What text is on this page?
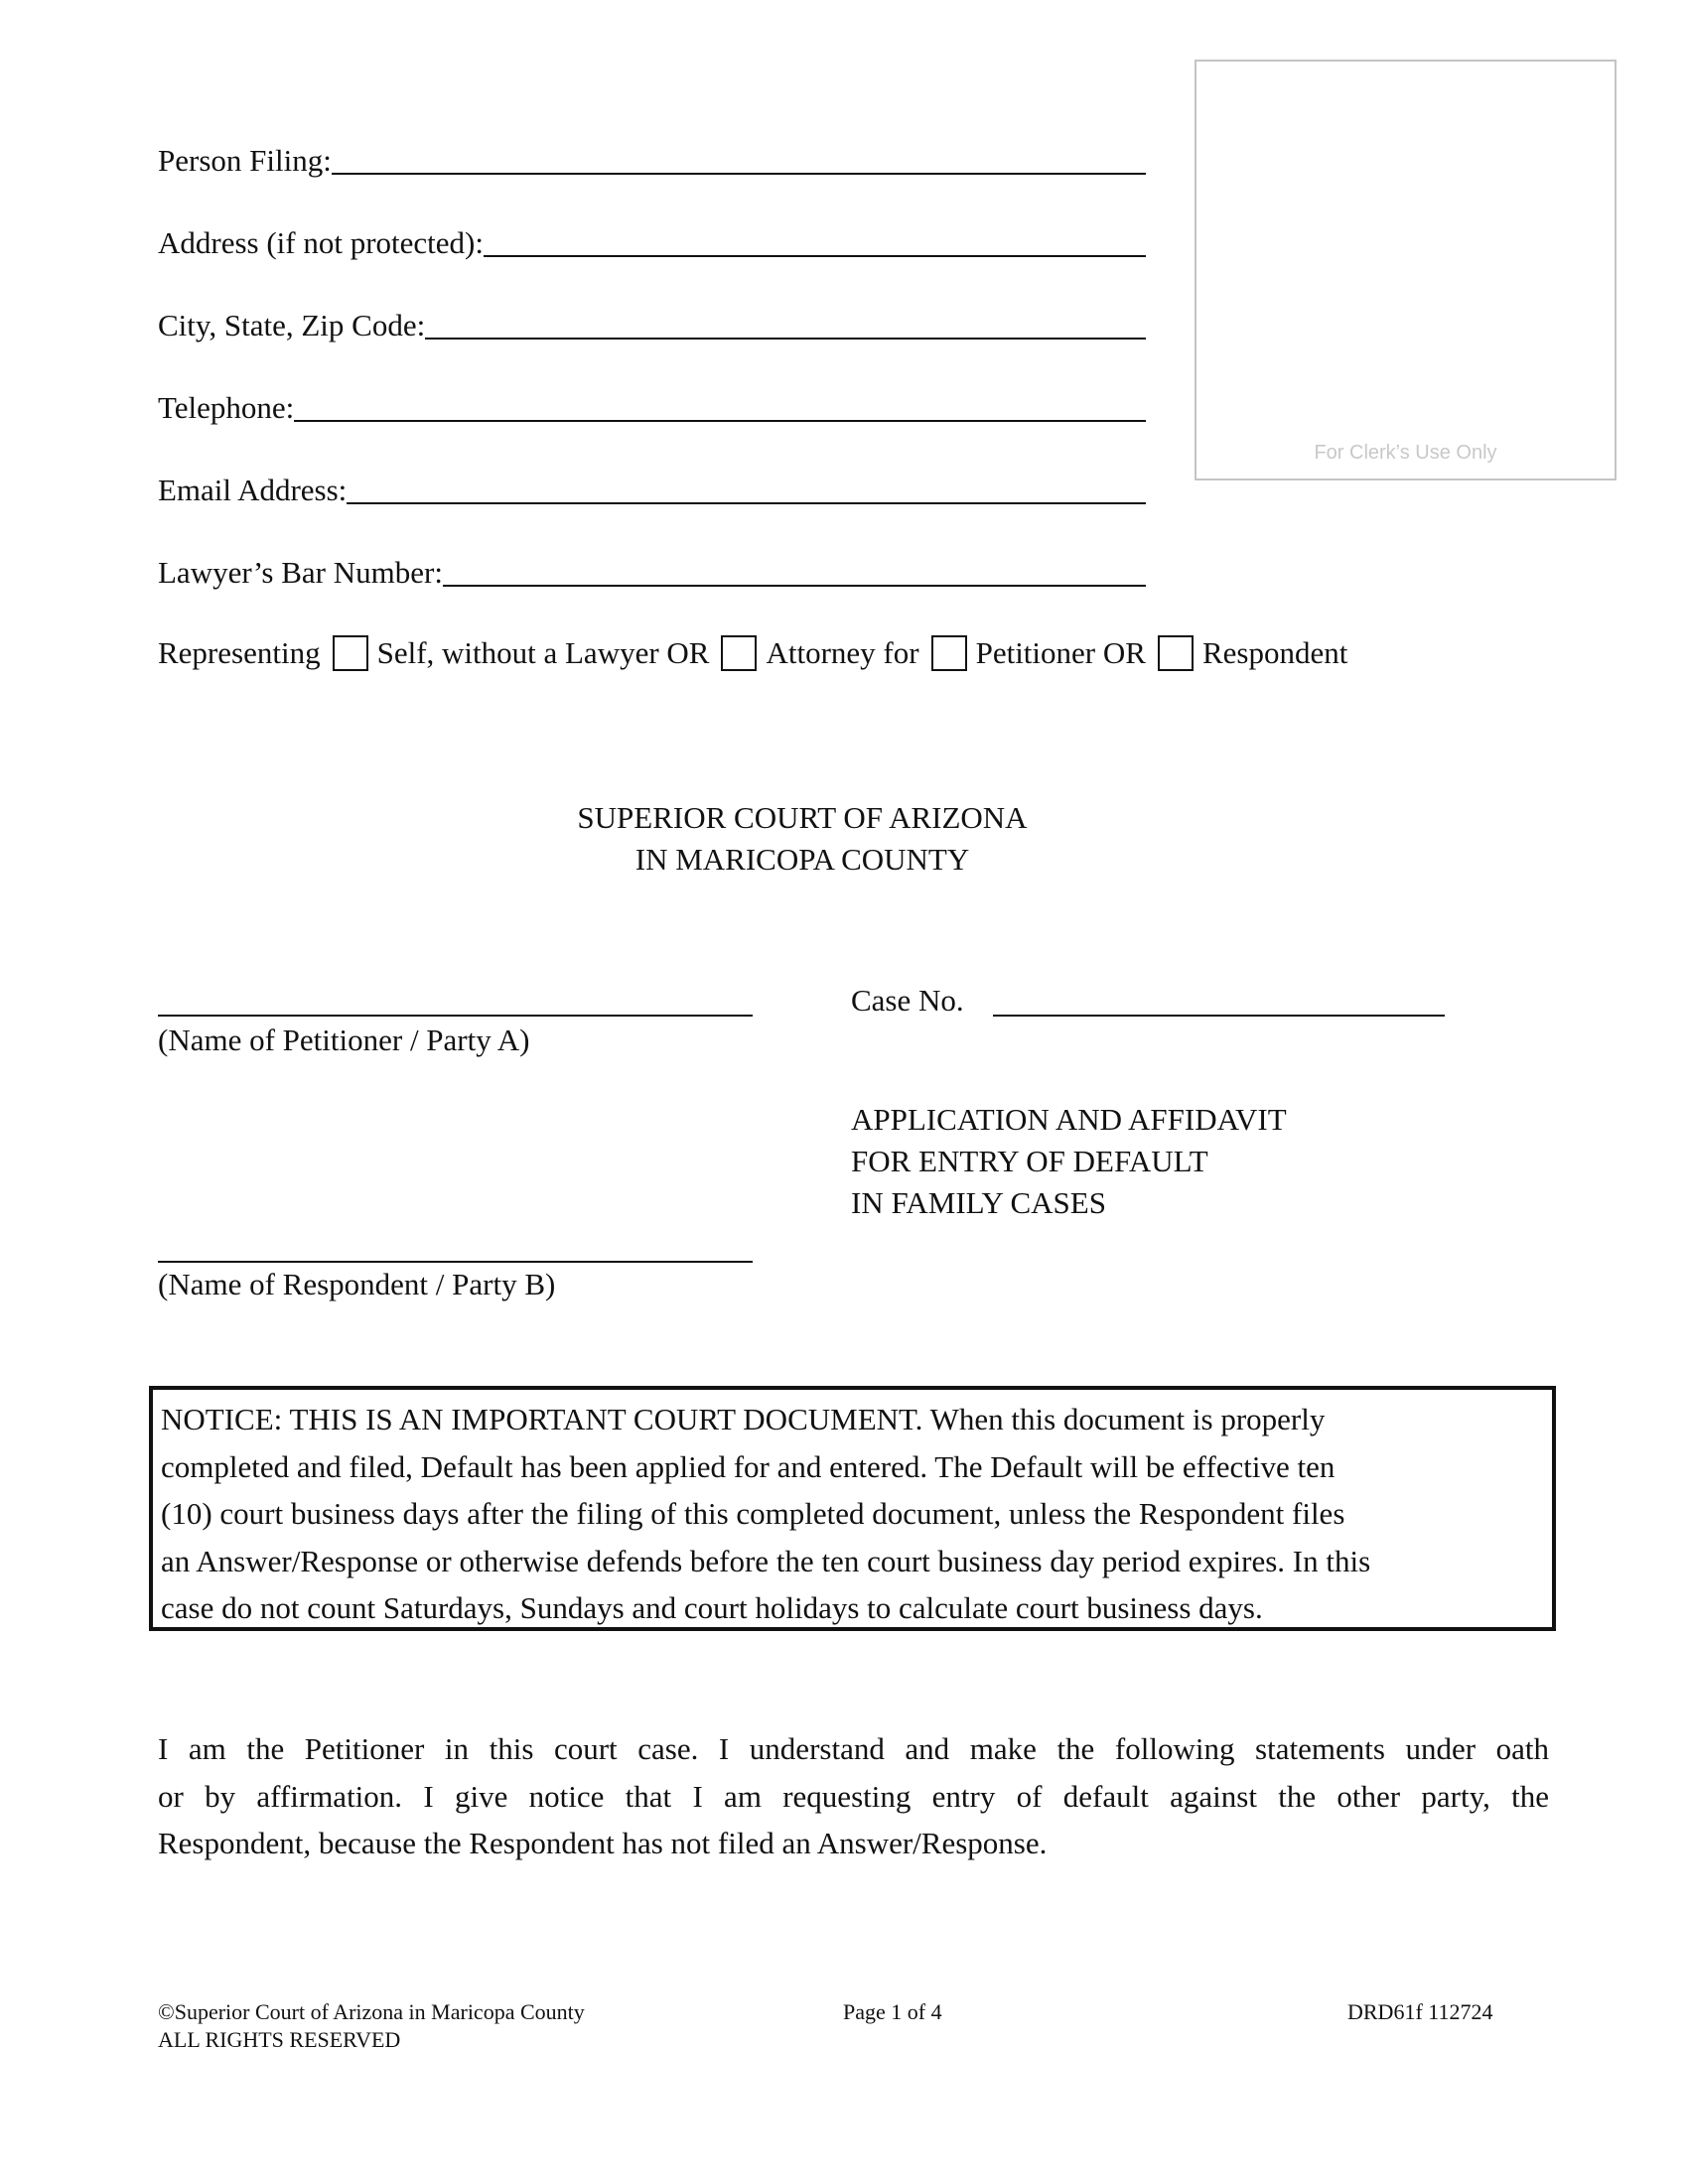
Person Filing:
Address (if not protected):
City, State, Zip Code:
Telephone:
Email Address:
Lawyer’s Bar Number:
For Clerk’s Use Only
Representing Self, without a Lawyer OR Attorney for Petitioner OR Respondent
SUPERIOR COURT OF ARIZONA
IN MARICOPA COUNTY
(Name of Petitioner / Party A)
Case No.
APPLICATION AND AFFIDAVIT
FOR ENTRY OF DEFAULT
IN FAMILY CASES
(Name of Respondent / Party B)
NOTICE: THIS IS AN IMPORTANT COURT DOCUMENT. When this document is properly
completed and filed, Default has been applied for and entered. The Default will be effective ten
(10) court business days after the filing of this completed document, unless the Respondent files
an Answer/Response or otherwise defends before the ten court business day period expires. In this
case do not count Saturdays, Sundays and court holidays to calculate court business days.
I am the Petitioner in this court case. I understand and make the following statements under oath
or by affirmation. I give notice that I am requesting entry of default against the other party, the
Respondent, because the Respondent has not filed an Answer/Response.
©Superior Court of Arizona in Maricopa County
ALL RIGHTS RESERVED
Page 1 of 4	DRD61f 112724
